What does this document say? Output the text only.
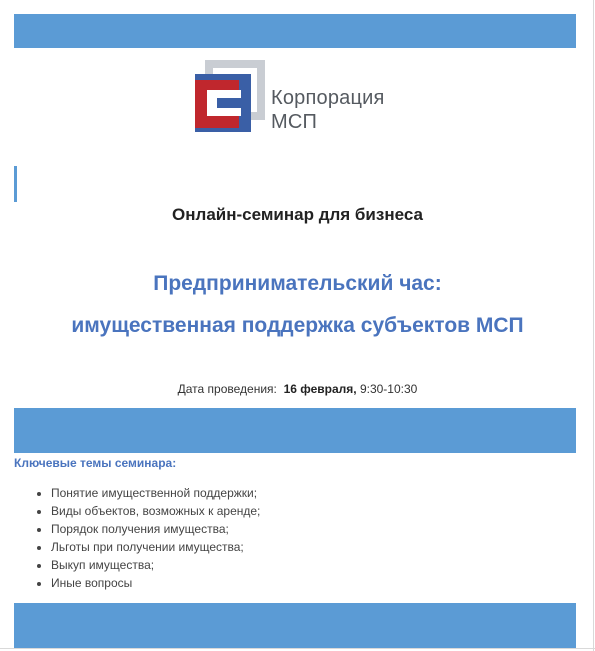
Корпорация
МСП
Онлайн-семинар для бизнеса
Предпринимательский час:
имущественная поддержка субъектов МСП
Дата проведения: 16 февраля, 9:30-10:30
Ключевые темы семинара:
• Понятие имущественной поддержки;
• Виды объектов, возможных к аренде;
• Порядок получения имущества;
• Льготы при получении имущества;
• Выкуп имущества;
• Иные вопросы
